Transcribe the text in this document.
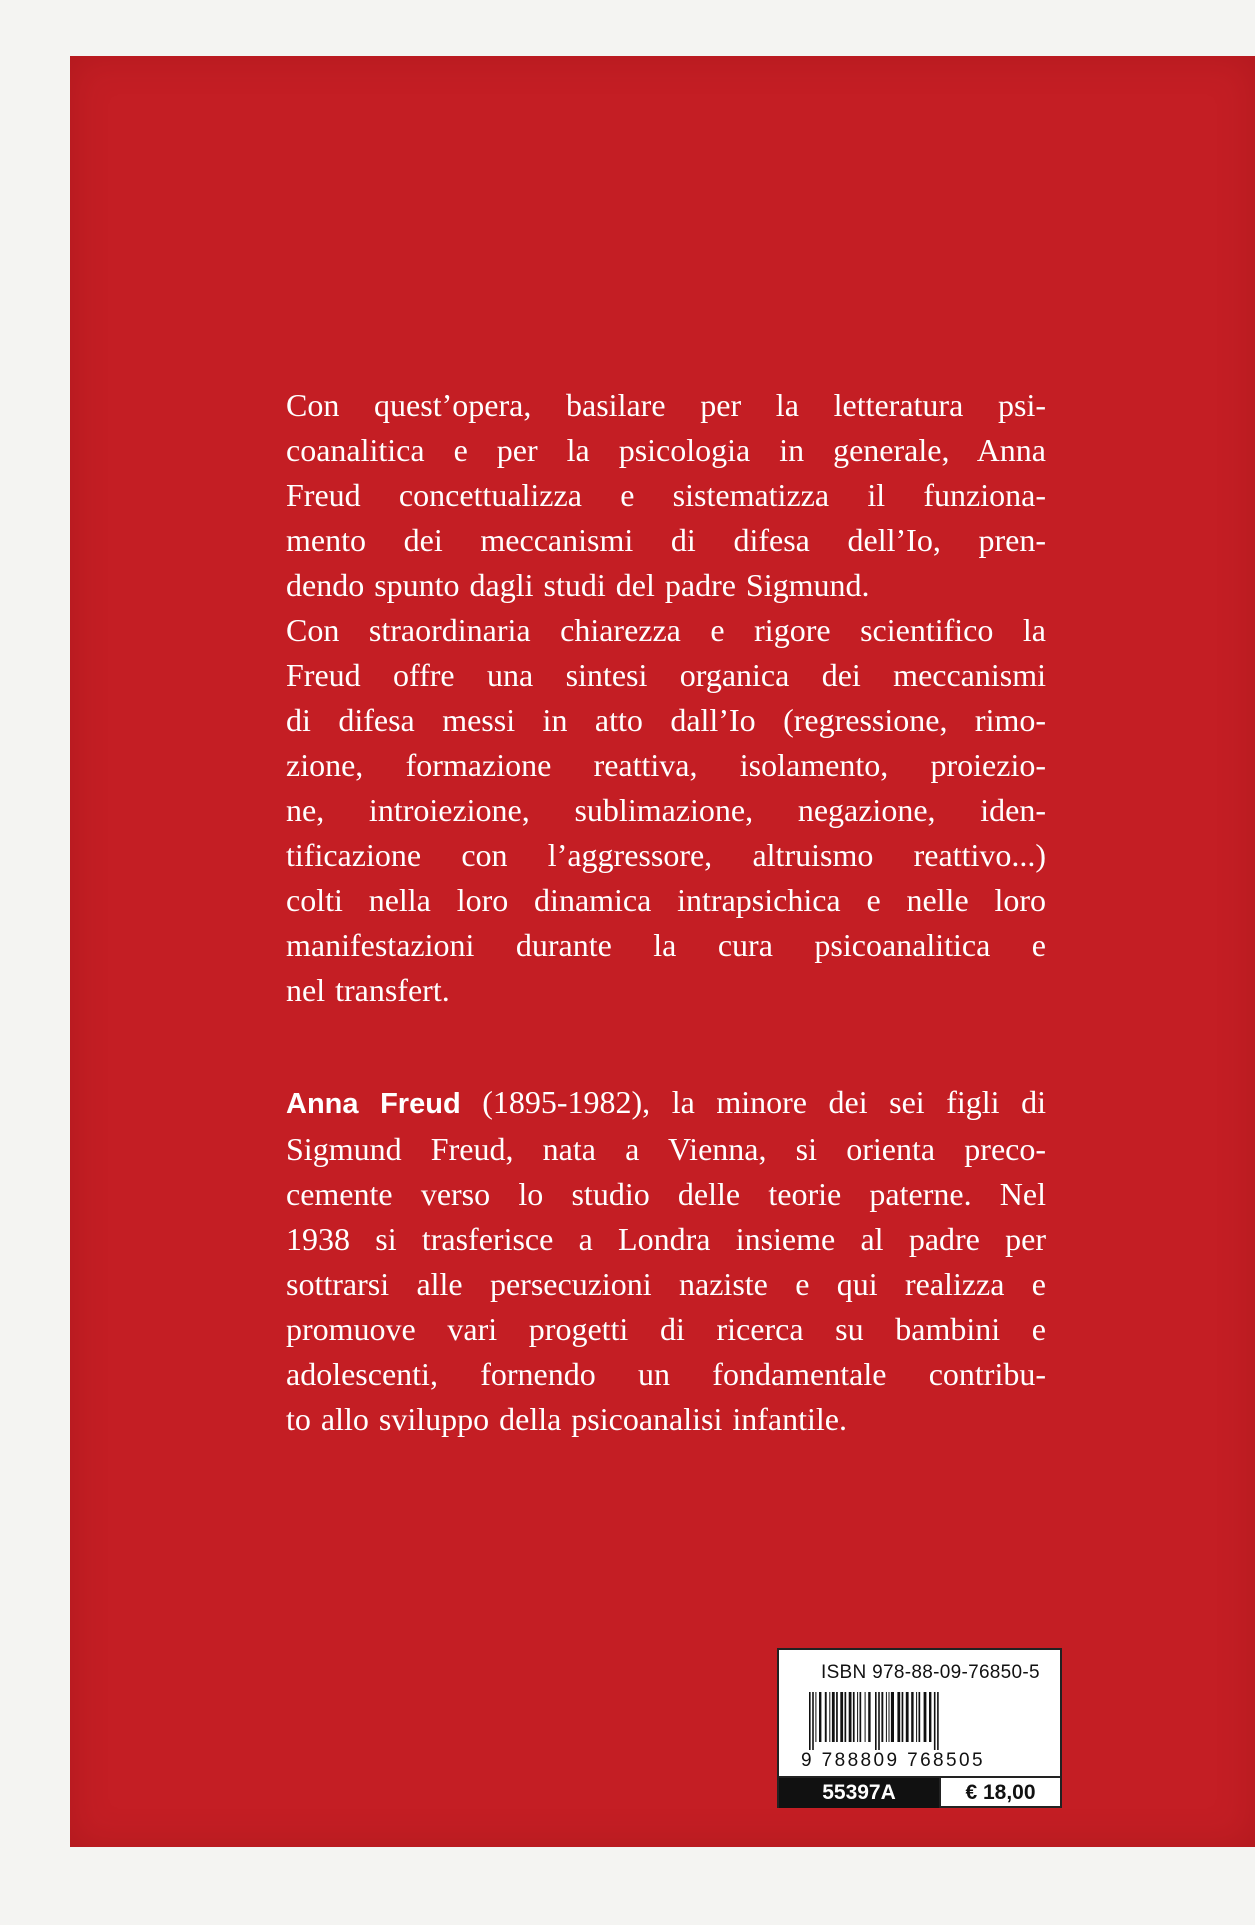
Con quest’opera, basilare per la letteratura psi-
coanalitica e per la psicologia in generale, Anna
Freud concettualizza e sistematizza il funziona-
mento dei meccanismi di difesa dell’Io, pren-
dendo spunto dagli studi del padre Sigmund.
Con straordinaria chiarezza e rigore scientifico la
Freud offre una sintesi organica dei meccanismi
di difesa messi in atto dall’Io (regressione, rimo-
zione, formazione reattiva, isolamento, proiezio-
ne, introiezione, sublimazione, negazione, iden-
tificazione con l’aggressore, altruismo reattivo...)
colti nella loro dinamica intrapsichica e nelle loro
manifestazioni durante la cura psicoanalitica e
nel transfert.
Anna Freud (1895-1982), la minore dei sei figli di
Sigmund Freud, nata a Vienna, si orienta preco-
cemente verso lo studio delle teorie paterne. Nel
1938 si trasferisce a Londra insieme al padre per
sottrarsi alle persecuzioni naziste e qui realizza e
promuove vari progetti di ricerca su bambini e
adolescenti, fornendo un fondamentale contribu-
to allo sviluppo della psicoanalisi infantile.
ISBN 978-88-09-76850-5
9 788809 768505
55397A	€ 18,00
